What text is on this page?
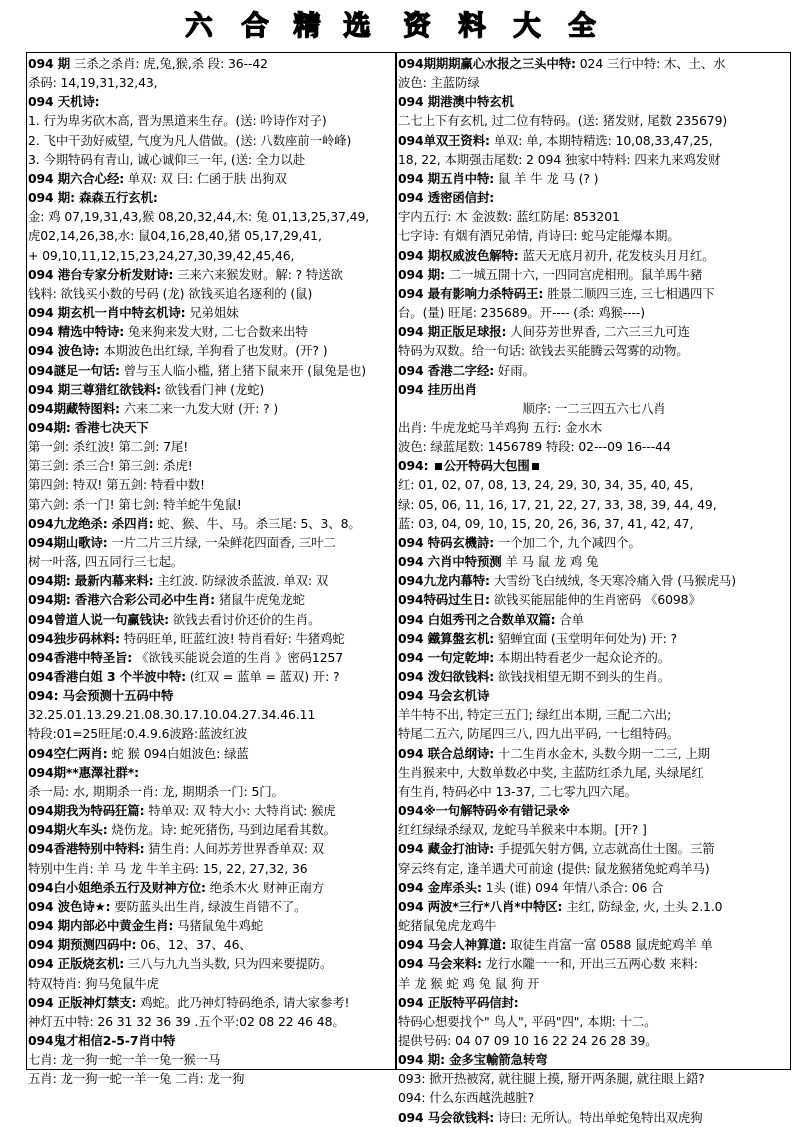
六 合 精 选 资 料 大 全
094 期 三杀之杀肖: 虎,兔,猴,杀 段: 36--42
杀码: 14,19,31,32,43,
094 天机诗:
1. 行为卑劣砍木高, 晋为黑道来生存。(送: 吟诗作对子)
2. 飞中干劲好威望, 气度为凡人借做。(送: 八数座前一岭峰)
3. 今期特码有青山, 诚心诚仰三一年, (送: 全力以赴
094 期六合心经: 单双: 双 曰: 仁函于肤 出狗双
094 期: 森森五行玄机:
金: 鸡 07,19,31,43,猴 08,20,32,44,木: 兔 01,13,25,37,49,
虎02,14,26,38,水: 鼠04,16,28,40,猪 05,17,29,41,
+ 09,10,11,12,15,23,24,27,30,39,42,45,46,
094 港台专家分析发财诗: 三来六来猴发财。解: ? 特送欲
钱料: 欲钱买小数的号码 (龙) 欲钱买追名逐利的 (鼠)
094 期玄机一肖中特玄机诗: 兄弟姐妹
094 精选中特诗: 兔来狗来发大财, 二七合数来出特
094 波色诗: 本期波色出红绿, 羊狗看了也发财。(开? )
094謎足一句话: 曾与玉人临小槛, 猪上猪下鼠来开 (鼠兔是也)
094 期三尊猎红欲钱料: 欲钱看门神 (龙蛇)
094期藏特图料: 六来二来一九发大财 (开: ? )
094期: 香港七决天下
第一剑: 杀红波! 第二剑: 7尾!
第三剑: 杀三合! 第三剑: 杀虎!
第四剑: 特双! 第五剑: 特看中数!
第六剑: 杀一门! 第七剑: 特羊蛇牛兔鼠!
094九龙绝杀: 杀四肖: 蛇、猴、牛、马。杀三尾: 5、3、8。
094期山歌诗: 一片二片三片绿, 一朵鲜花四面香, 三叶二
树一叶落, 四五同行三七起。
094期: 最新内幕来料: 主红波. 防绿波杀蓝波. 单双: 双
094期: 香港六合彩公司必中生肖: 猪鼠牛虎兔龙蛇
094曾道人说一句赢钱诀: 欲钱去看讨价还价的生肖。
094独步码林料: 特码旺单, 旺蓝红波! 特肖看好: 牛猪鸡蛇
094香港中特圣旨: 《欲钱买能说会道的生肖 》密码1257
094香港白姐 3 个半波中特: (红双 = 蓝单 = 蓝双) 开: ?
094: 马会预测十五码中特
32.25.01.13.29.21.08.30.17.10.04.27.34.46.11
特段:01=25旺尾:0.4.9.6波路:蓝波红波
094空仁两肖: 蛇 猴 094白姐波色: 绿蓝
094期**惠澤社群*:
杀一局: 水, 期期杀一肖: 龙, 期期杀一门: 5门。
094期我为特码狂篇: 特单双: 双 特大小: 大特肖试: 猴虎
094期火车头: 烧伤龙。诗: 蛇死猪伤, 马到边尾看其数。
094香港特别中特料: 猜生肖: 人间苏芳世界香单双: 双
特别中生肖: 羊 马 龙 牛羊主码: 15, 22, 27,32, 36
094白小姐绝杀五行及财神方位: 绝杀木火 财神正南方
094 波色诗★: 要防蓝头出生肖, 绿波生肖错不了。
094 期内部必中黄金生肖: 马猪鼠兔牛鸡蛇
094 期预测四码中: 06、12、37、46、
094 正版烧玄机: 三八与九九当头数, 只为四来要提防。
特双特肖: 狗马兔鼠牛虎
094 正版神灯禁支: 鸡蛇。此乃神灯特码绝杀, 请大家参考!
神灯五中特: 26 31 32 36 39 .五个平:02 08 22 46 48。
094鬼才相信2-5-7肖中特
七肖: 龙一狗一蛇一羊一兔一猴一马
五肖: 龙一狗一蛇一羊一兔 二肖: 龙一狗
094期期期赢心水报之三头中特: 024 三行中特: 木、土、水
波色: 主蓝防绿
094 期港澳中特玄机
二七上下有玄机, 过二位有特码。(送: 猪发财, 尾数 235679)
094单双王资料: 单双: 单, 本期特精选: 10,08,33,47,25,
18, 22, 本期强击尾数: 2 094 独家中特料: 四来九来鸡发财
094 期五肖中特: 鼠 羊 牛 龙 马 (? )
094 透密函信封:
宇内五行: 木 金波数: 蓝红防尾: 853201
七字诗: 有烟有酒兄弟情, 肖诗曰: 蛇马定能爆本期。
094 期权威波色解特: 蓝天无底月初升, 花发枝头月月红。
094 期: 二一城五開十六, 一四同宫虎相刑。鼠羊馬牛豬
094 最有影响力杀特码王: 胜景二顺四三连, 三七相遇四下
台。(量) 旺尾: 235689。开---- (杀: 鸡猴----)
094 期正版足球报: 人间芬芳世界香, 二六三三九可连
特码为双数。给一句话: 欲钱去买能腾云驾雾的动物。
094 香港二字经: 好雨。
094 挂历出肖
顺序: 一二三四五六七八肖
出肖: 牛虎龙蛇马羊鸡狗 五行: 金水木
波色: 绿蓝尾数: 1456789 特段: 02---09 16---44
094: 公开特码大包围
红: 01, 02, 07, 08, 13, 24, 29, 30, 34, 35, 40, 45,
绿: 05, 06, 11, 16, 17, 21, 22, 27, 33, 38, 39, 44, 49,
蓝: 03, 04, 09, 10, 15, 20, 26, 36, 37, 41, 42, 47,
094 特码玄機詩: 一个加二个, 九个减四个。
094 六肖中特预测 羊 马 鼠 龙 鸡 兔
094九龙内幕特: 大雪纷飞白绒绒, 冬天寒冷痛入骨 (马猴虎马)
094特码过生日: 欲钱买能屈能伸的生肖密码 《6098》
094 白姐秀刊之合数单双篇: 合单
094 鐵算盤玄机: 貂蝉宜面 (玉堂明年何处为) 开: ?
094 一句定乾坤: 本期出特看老少一起众论齐的。
094 泼妇欲钱料: 欲钱找相望无期不到头的生肖。
094 马会玄机诗
羊牛特不出, 特定三五门; 绿红出本期, 三配二六出;
特尾二五六, 防尾四三八, 四九出平码, 一七组特码。
094 联合总纲诗: 十二生肖水金木, 头数今期一二三, 上期
生肖猴来中, 大数单数必中奖, 主蓝防红杀九尾, 头绿尾红
有生肖, 特码必中 13-37, 二七零九四六尾。
094※一句解特码※有错记录※
红红绿绿杀绿双, 龙蛇马羊猴来中本期。[开? ]
094 藏金打油诗: 手提弧矢射方偶, 立志就高仕士图。三箭
穿云终有定, 逢羊遇犬可前途 (提供: 鼠龙猴猪兔蛇鸡羊马)
094 金库杀头: 1头 (谁) 094 年情八杀合: 06 合
094 两波*三行*八肖*中特区: 主红, 防绿金, 火, 土头 2.1.0
蛇猪鼠兔虎龙鸡牛
094 马会人神算道: 取徒生肖富一富 0588 鼠虎蛇鸡羊 单
094 马会来料: 龙行水隴一一和, 开出三五两心数 来料:
羊 龙 猴 蛇 鸡 兔 鼠 狗 开
094 正版特平码信封:
特码心想要找个" 鸟人", 平码"四", 本期: 十二。
提供号码: 04 07 09 10 16 22 24 26 28 39。
094 期: 金多宝輸箭急转弯
093: 掀开热被窝, 就往腿上摸, 掰开两条腿, 就往眼上鍣?
094: 什么东西越洗越脏?
094 马会欲钱料: 诗曰: 无所认。特出单蛇兔特出双虎狗
